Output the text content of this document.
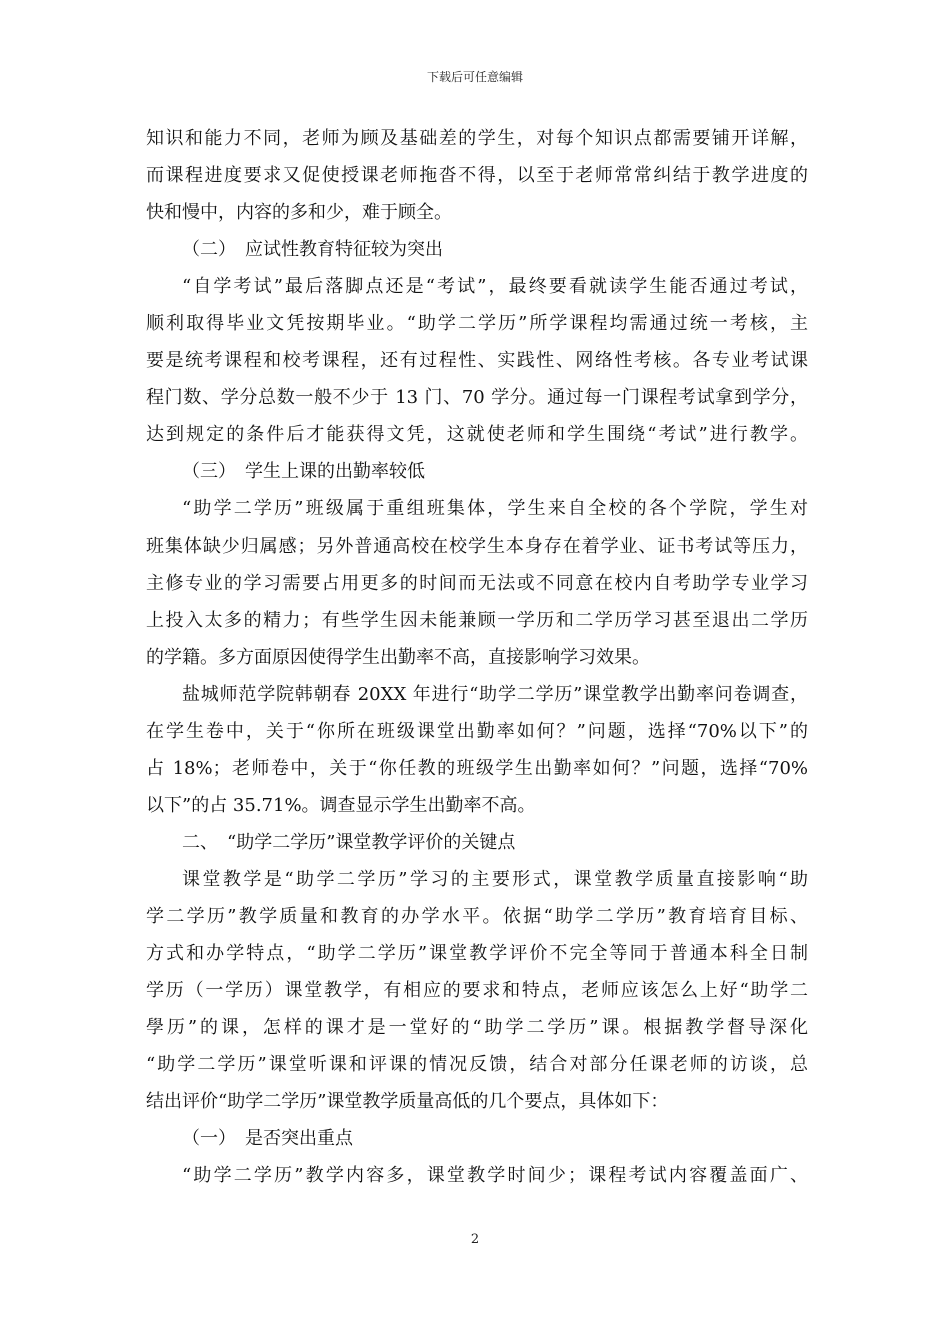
下载后可任意编辑
知识和能力不同，老师为顾及基础差的学生，对每个知识点都需要铺开详解，
而课程进度要求又促使授课老师拖沓不得，以至于老师常常纠结于教学进度的
快和慢中，内容的多和少，难于顾全。
（二）　应试性教育特征较为突出
“自学考试”最后落脚点还是“考试”，最终要看就读学生能否通过考试，
顺利取得毕业文凭按期毕业。“助学二学历”所学课程均需通过统一考核，主
要是统考课程和校考课程，还有过程性、实践性、网络性考核。各专业考试课
程门数、学分总数一般不少于 13 门、70 学分。通过每一门课程考试拿到学分，
达到规定的条件后才能获得文凭，这就使老师和学生围绕“考试”进行教学。
（三）　学生上课的出勤率较低
“助学二学历”班级属于重组班集体，学生来自全校的各个学院，学生对
班集体缺少归属感；另外普通高校在校学生本身存在着学业、证书考试等压力，
主修专业的学习需要占用更多的时间而无法或不同意在校内自考助学专业学习
上投入太多的精力；有些学生因未能兼顾一学历和二学历学习甚至退出二学历
的学籍。多方面原因使得学生出勤率不高，直接影响学习效果。
盐城师范学院韩朝春 20XX 年进行“助学二学历”课堂教学出勤率问卷调查，
在学生卷中，关于“你所在班级课堂出勤率如何？”问题，选择“70%以下”的
占 18%；老师卷中，关于“你任教的班级学生出勤率如何？”问题，选择“70%
以下”的占 35.71%。调查显示学生出勤率不高。
二、　“助学二学历”课堂教学评价的关键点
课堂教学是“助学二学历”学习的主要形式，课堂教学质量直接影响“助
学二学历”教学质量和教育的办学水平。依据“助学二学历”教育培育目标、
方式和办学特点，“助学二学历”课堂教学评价不完全等同于普通本科全日制
学历（一学历）课堂教学，有相应的要求和特点，老师应该怎么上好“助学二
學历”的课，怎样的课才是一堂好的“助学二学历”课。根据教学督导深化
“助学二学历”课堂听课和评课的情况反馈，结合对部分任课老师的访谈，总
结出评价“助学二学历”课堂教学质量高低的几个要点，具体如下：
（一）　是否突出重点
“助学二学历”教学内容多，课堂教学时间少；课程考试内容覆盖面广、
2
